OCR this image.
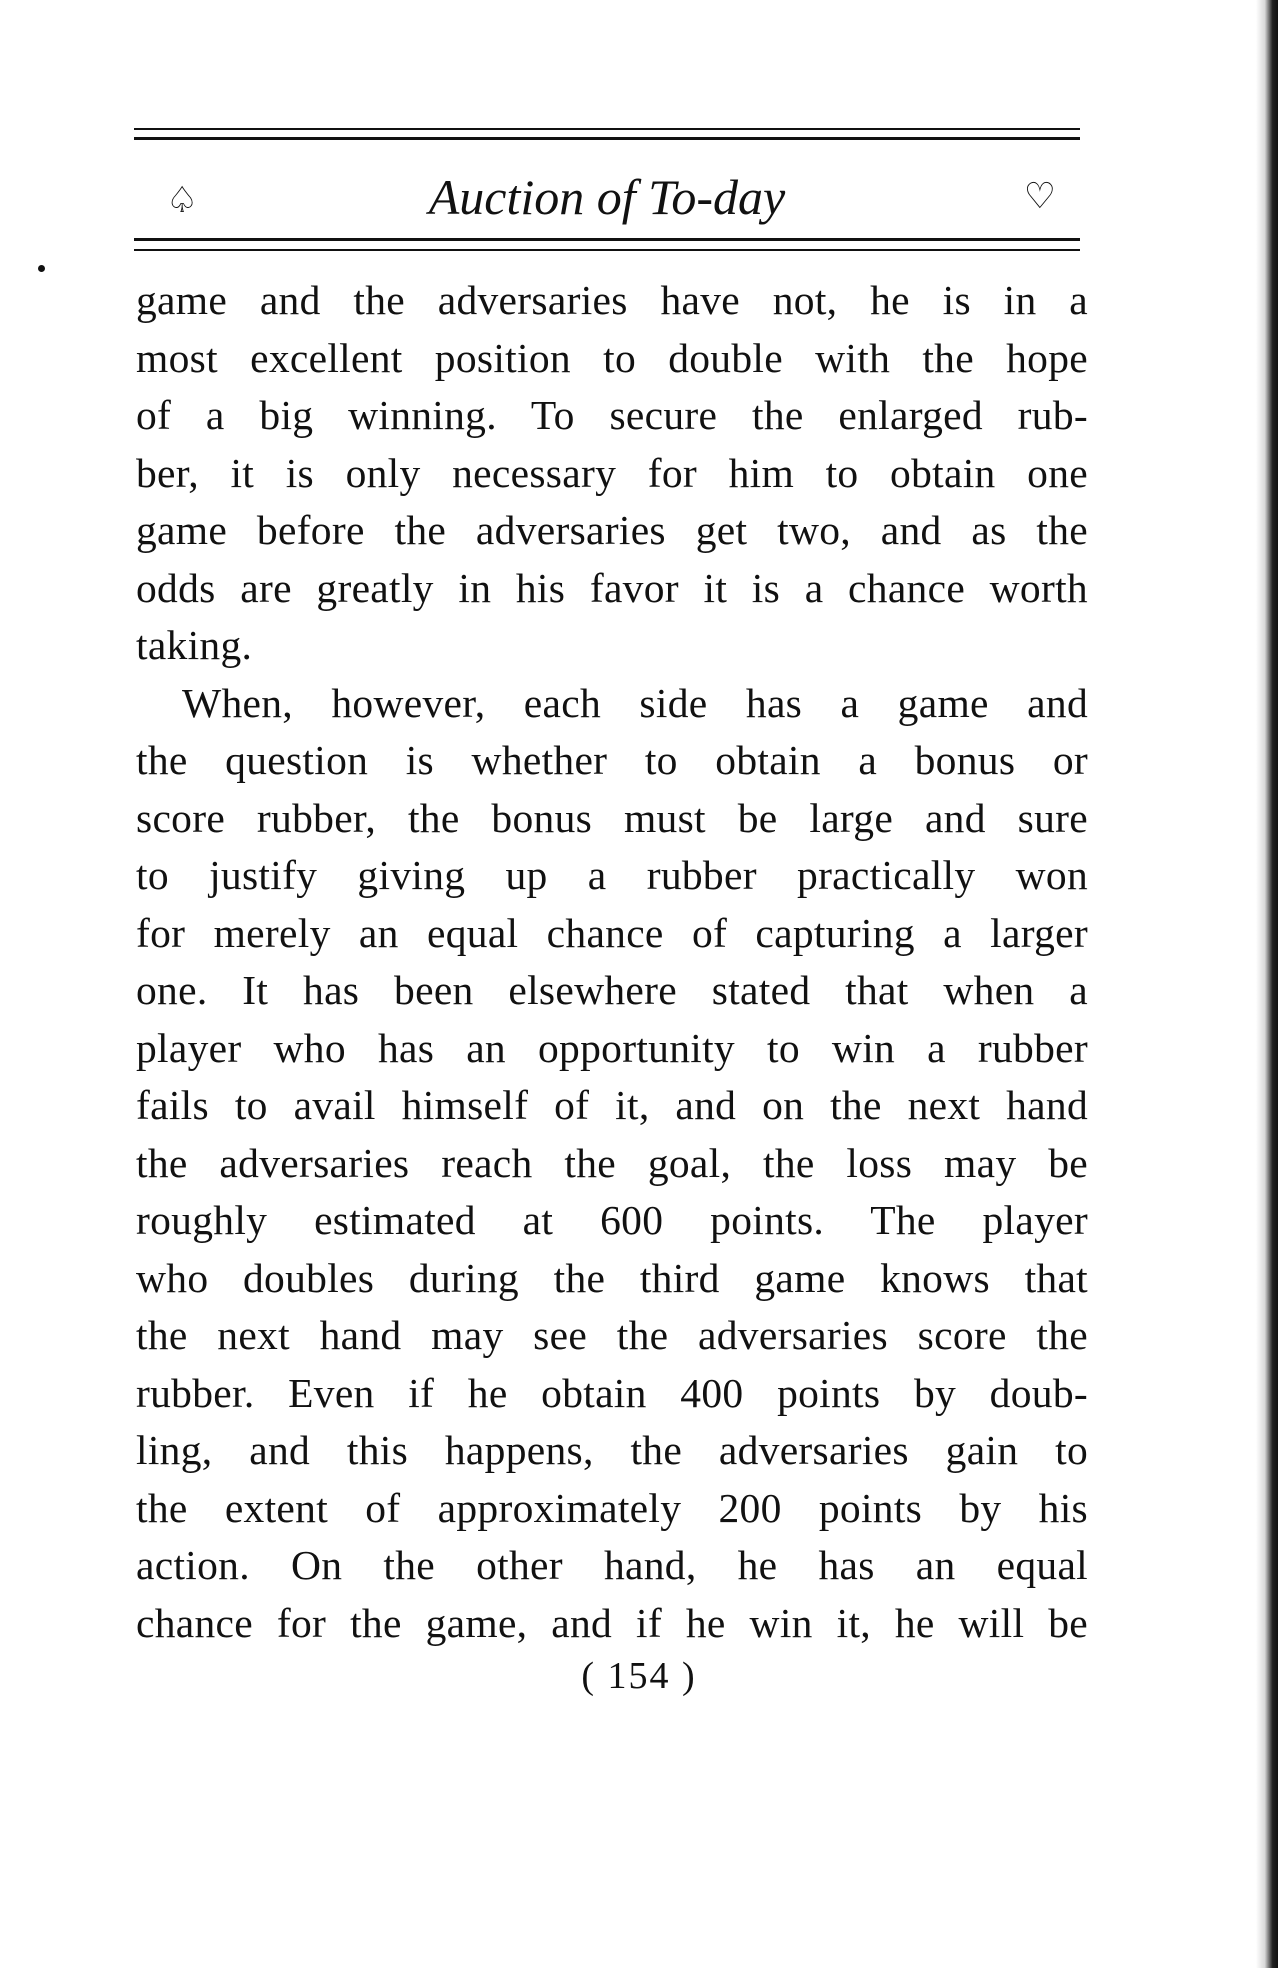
♤	Auction of To-day	♡
game and the adversaries have not, he is in a
most excellent position to double with the hope
of a big winning. To secure the enlarged rub-
ber, it is only necessary for him to obtain one
game before the adversaries get two, and as the
odds are greatly in his favor it is a chance worth
taking.
When, however, each side has a game and
the question is whether to obtain a bonus or
score rubber, the bonus must be large and sure
to justify giving up a rubber practically won
for merely an equal chance of capturing a larger
one. It has been elsewhere stated that when a
player who has an opportunity to win a rubber
fails to avail himself of it, and on the next hand
the adversaries reach the goal, the loss may be
roughly estimated at 600 points. The player
who doubles during the third game knows that
the next hand may see the adversaries score the
rubber. Even if he obtain 400 points by doub-
ling, and this happens, the adversaries gain to
the extent of approximately 200 points by his
action. On the other hand, he has an equal
chance for the game, and if he win it, he will be
( 154 )
